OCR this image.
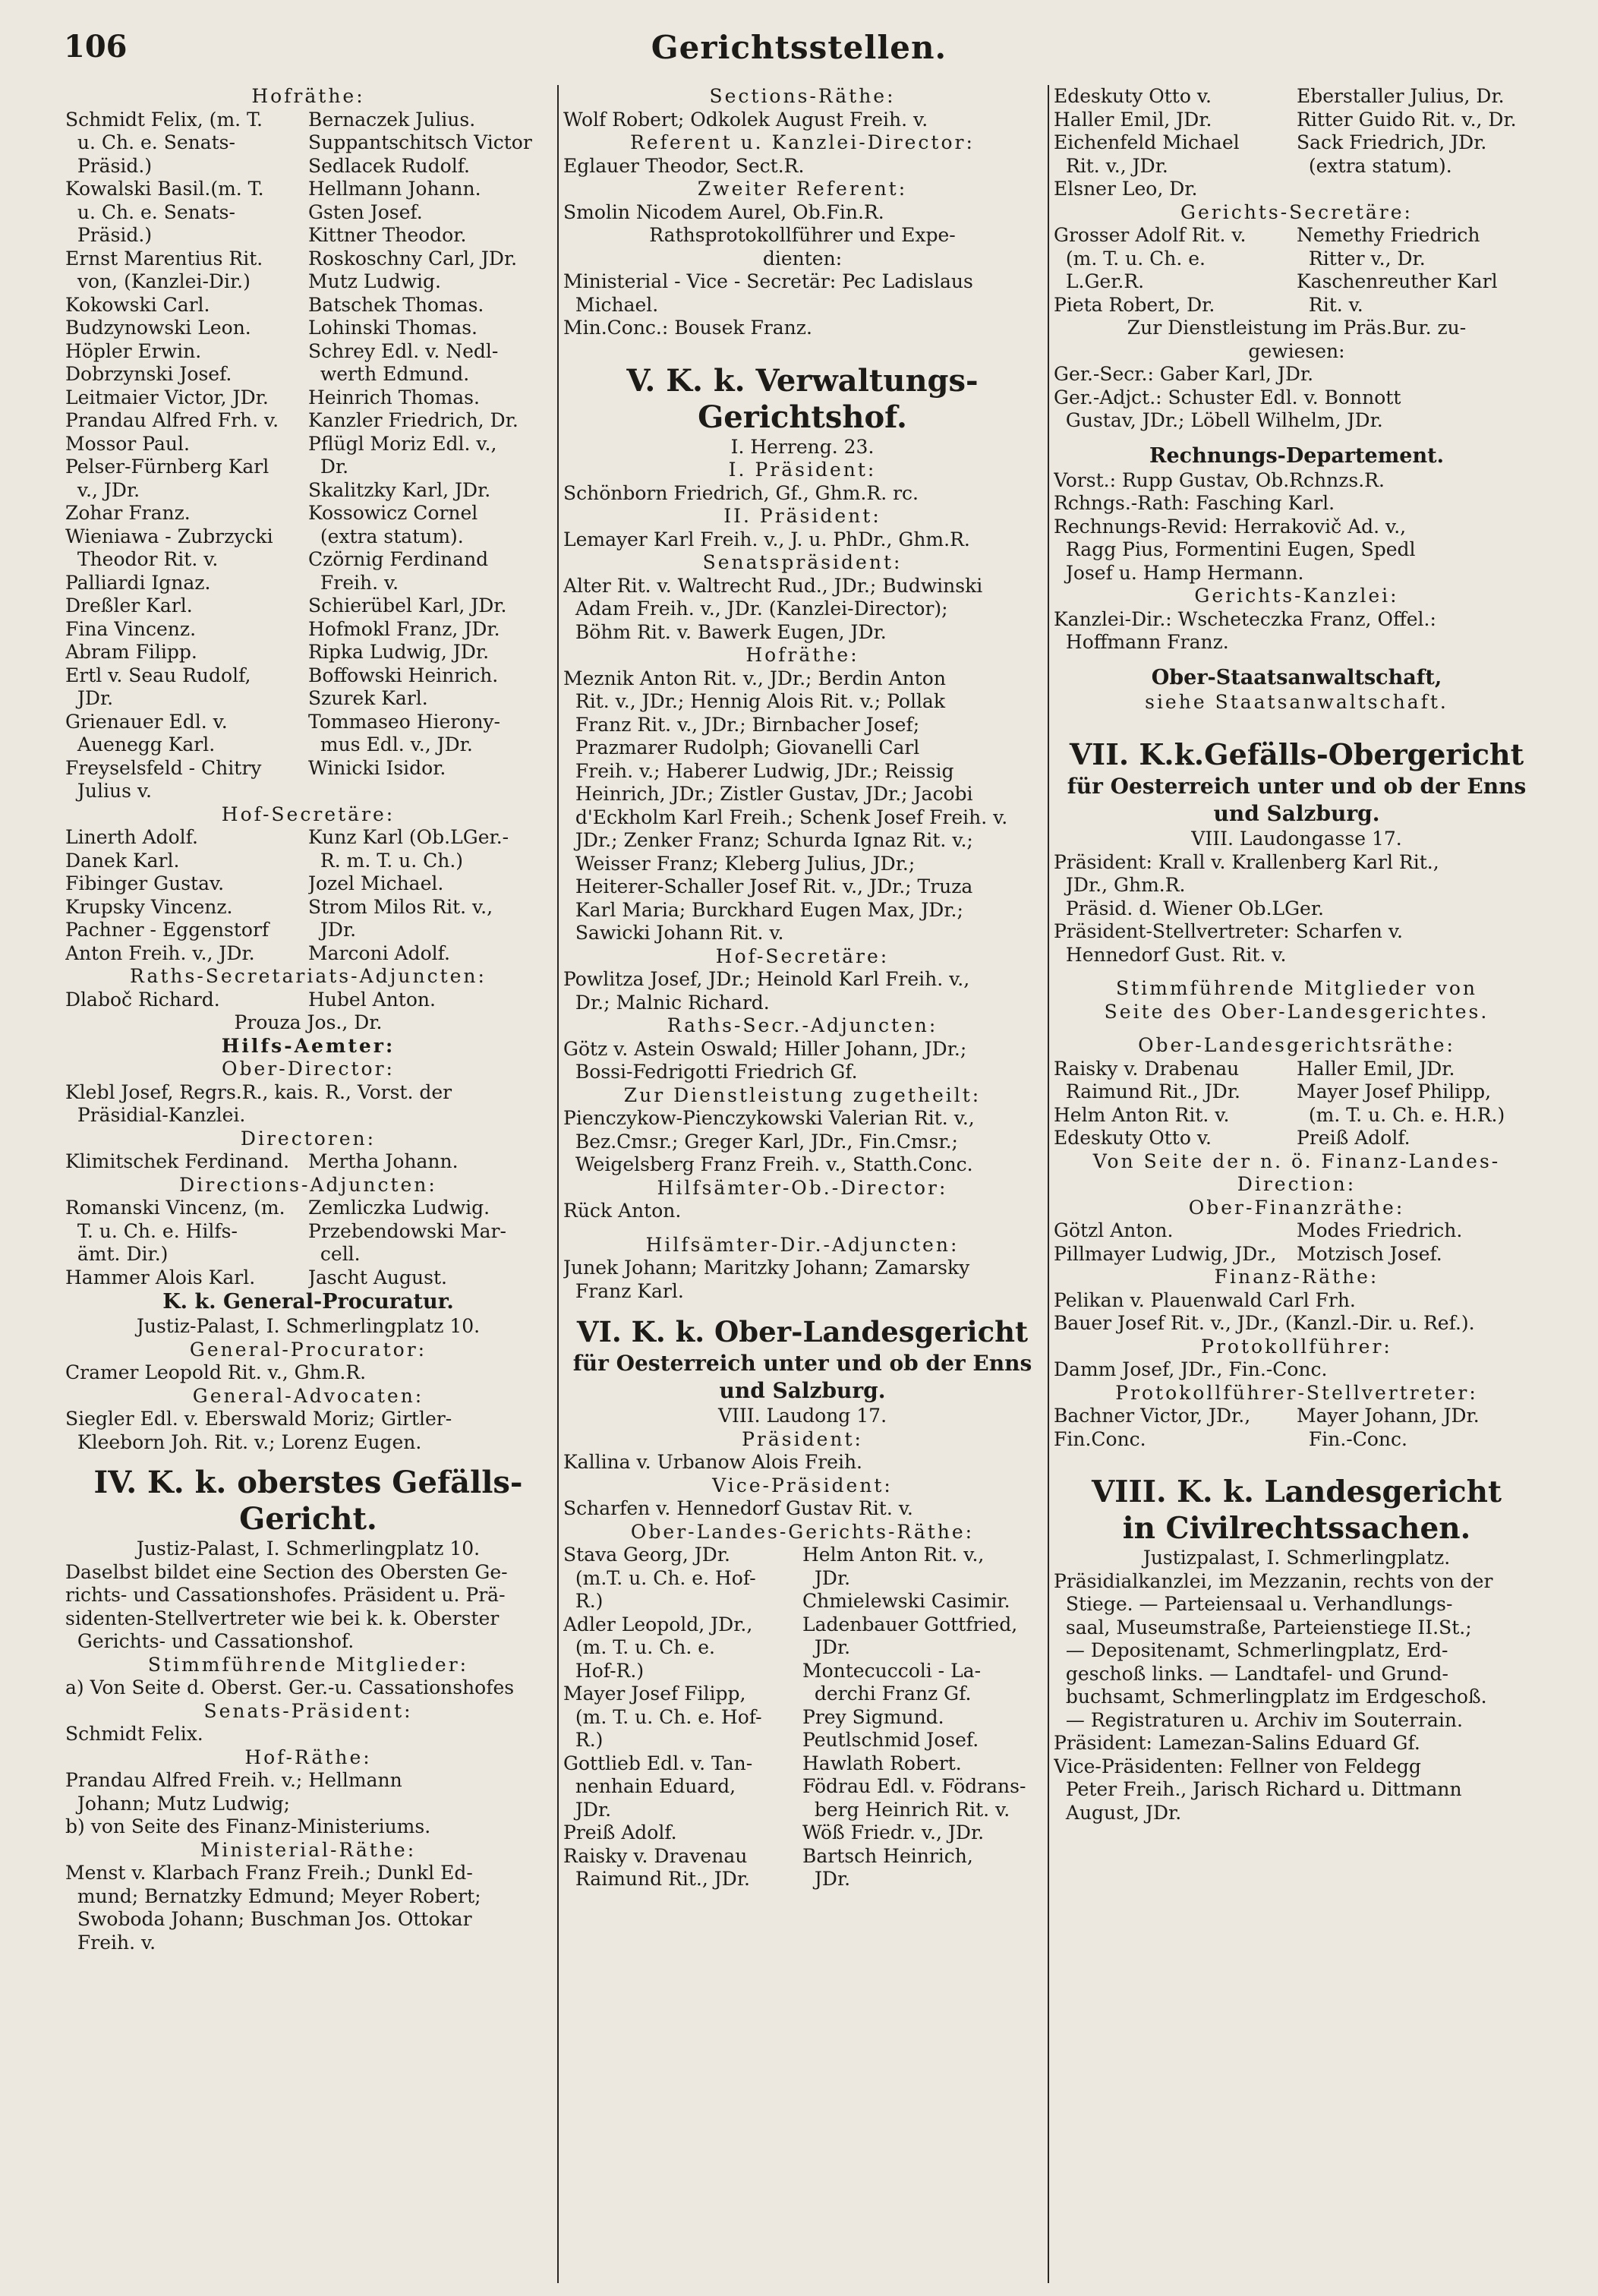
Gerichtsstellen.
106
Hofräthe:
Schmidt Felix, (m. T.	Bernaczek Julius.
u. Ch. e. Senats-	Suppantschitsch Victor
Präsid.)	Sedlacek Rudolf.
Kowalski Basil.(m. T.	Hellmann Johann.
u. Ch. e. Senats-	Gsten Josef.
Präsid.)	Kittner Theodor.
Ernst Marentius Rit.	Roskoschny Carl, JDr.
von, (Kanzlei-Dir.)	Mutz Ludwig.
Kokowski Carl.	Batschek Thomas.
Budzynowski Leon.	Lohinski Thomas.
Höpler Erwin.	Schrey Edl. v. Nedl-
Dobrzynski Josef.	werth Edmund.
Leitmaier Victor, JDr.	Heinrich Thomas.
Prandau Alfred Frh. v.	Kanzler Friedrich, Dr.
Mossor Paul.	Pflügl Moriz Edl. v.,
Pelser-Fürnberg Karl	Dr.
v., JDr.	Skalitzky Karl, JDr.
Zohar Franz.	Kossowicz Cornel
Wieniawa - Zubrzycki	(extra statum).
Theodor Rit. v.	Czörnig Ferdinand
Palliardi Ignaz.	Freih. v.
Dreßler Karl.	Schierübel Karl, JDr.
Fina Vincenz.	Hofmokl Franz, JDr.
Abram Filipp.	Ripka Ludwig, JDr.
Ertl v. Seau Rudolf,	Boffowski Heinrich.
JDr.	Szurek Karl.
Grienauer Edl. v.	Tommaseo Hierony-
Auenegg Karl.	mus Edl. v., JDr.
Freyselsfeld - Chitry	Winicki Isidor.
Julius v.
Hof-Secretäre:
Linerth Adolf.	Kunz Karl (Ob.LGer.-
Danek Karl.	R. m. T. u. Ch.)
Fibinger Gustav.	Jozel Michael.
Krupsky Vincenz.	Strom Milos Rit. v.,
Pachner - Eggenstorf	JDr.
Anton Freih. v., JDr.	Marconi Adolf.
Raths-Secretariats-Adjuncten:
Dlaboč Richard.	Hubel Anton.
Prouza Jos., Dr.
Hilfs-Aemter:
Ober-Director:
Klebl Josef, Regrs.R., kais. R., Vorst. der
Präsidial-Kanzlei.
Directoren:
Klimitschek Ferdinand. Mertha Johann.
Directions-Adjuncten:
Romanski Vincenz, (m.	Zemliczka Ludwig.
T. u. Ch. e. Hilfs-	Przebendowski Mar-
ämt. Dir.)	cell.
Hammer Alois Karl.	Jascht August.
K. k. General-Procuratur.
Justiz-Palast, I. Schmerlingplatz 10.
General-Procurator:
Cramer Leopold Rit. v., Ghm.R.
General-Advocaten:
Siegler Edl. v. Eberswald Moriz; Girtler-
Kleeborn Joh. Rit. v.; Lorenz Eugen.
IV. K. k. oberstes Gefälls-
Gericht.
Justiz-Palast, I. Schmerlingplatz 10.
Daselbst bildet eine Section des Obersten Ge-
richts- und Cassationshofes. Präsident u. Prä-
sidenten-Stellvertreter wie bei k. k. Oberster
Gerichts- und Cassationshof.
Stimmführende Mitglieder:
a) Von Seite d. Oberst. Ger.-u. Cassationshofes
Senats-Präsident:
Schmidt Felix.
Hof-Räthe:
Prandau Alfred Freih. v.; Hellmann
Johann; Mutz Ludwig;
b) von Seite des Finanz-Ministeriums.
Ministerial-Räthe:
Menst v. Klarbach Franz Freih.; Dunkl Ed-
mund; Bernatzky Edmund; Meyer Robert;
Swoboda Johann; Buschman Jos. Ottokar
Freih. v.
Sections-Räthe:
Wolf Robert; Odkolek August Freih. v.
Referent u. Kanzlei-Director:
Eglauer Theodor, Sect.R.
Zweiter Referent:
Smolin Nicodem Aurel, Ob.Fin.R.
Rathsprotokollführer und Expe-
dienten:
Ministerial - Vice - Secretär: Pec Ladislaus
Michael.
Min.Conc.: Bousek Franz.
V. K. k. Verwaltungs-
Gerichtshof.
I. Herreng. 23.
I. Präsident:
Schönborn Friedrich, Gf., Ghm.R. rc.
II. Präsident:
Lemayer Karl Freih. v., J. u. PhDr., Ghm.R.
Senatspräsident:
Alter Rit. v. Waltrecht Rud., JDr.; Budwinski
Adam Freih. v., JDr. (Kanzlei-Director);
Böhm Rit. v. Bawerk Eugen, JDr.
Hofräthe:
Meznik Anton Rit. v., JDr.; Berdin Anton
Rit. v., JDr.; Hennig Alois Rit. v.; Pollak
Franz Rit. v., JDr.; Birnbacher Josef;
Prazmarer Rudolph; Giovanelli Carl
Freih. v.; Haberer Ludwig, JDr.; Reissig
Heinrich, JDr.; Zistler Gustav, JDr.; Jacobi
d'Eckholm Karl Freih.; Schenk Josef Freih. v.
JDr.; Zenker Franz; Schurda Ignaz Rit. v.;
Weisser Franz; Kleberg Julius, JDr.;
Heiterer-Schaller Josef Rit. v., JDr.; Truza
Karl Maria; Burckhard Eugen Max, JDr.;
Sawicki Johann Rit. v.
Hof-Secretäre:
Powlitza Josef, JDr.; Heinold Karl Freih. v.,
Dr.; Malnic Richard.
Raths-Secr.-Adjuncten:
Götz v. Astein Oswald; Hiller Johann, JDr.;
Bossi-Fedrigotti Friedrich Gf.
Zur Dienstleistung zugetheilt:
Pienczykow-Pienczykowski Valerian Rit. v.,
Bez.Cmsr.; Greger Karl, JDr., Fin.Cmsr.;
Weigelsberg Franz Freih. v., Statth.Conc.
Hilfsämter-Ob.-Director:
Rück Anton.
Hilfsämter-Dir.-Adjuncten:
Junek Johann; Maritzky Johann; Zamarsky
Franz Karl.
VI. K. k. Ober-Landesgericht
für Oesterreich unter und ob der Enns
und Salzburg.
VIII. Laudong 17.
Präsident:
Kallina v. Urbanow Alois Freih.
Vice-Präsident:
Scharfen v. Hennedorf Gustav Rit. v.
Ober-Landes-Gerichts-Räthe:
Stava Georg, JDr.	Helm Anton Rit. v.,
(m.T. u. Ch. e. Hof-	JDr.
R.)	Chmielewski Casimir.
Adler Leopold, JDr.,	Ladenbauer Gottfried,
(m. T. u. Ch. e.	JDr.
Hof-R.)	Montecuccoli - La-
Mayer Josef Filipp,	derchi Franz Gf.
(m. T. u. Ch. e. Hof-	Prey Sigmund.
R.)	Peutlschmid Josef.
Gottlieb Edl. v. Tan-	Hawlath Robert.
nenhain Eduard,	Födrau Edl. v. Födrans-
JDr.	berg Heinrich Rit. v.
Preiß Adolf.	Wöß Friedr. v., JDr.
Raisky v. Dravenau	Bartsch Heinrich,
Raimund Rit., JDr.	JDr.
Edeskuty Otto v.	Eberstaller Julius, Dr.
Haller Emil, JDr.	Ritter Guido Rit. v., Dr.
Eichenfeld Michael	Sack Friedrich, JDr.
Rit. v., JDr.	(extra statum).
Elsner Leo, Dr.
Gerichts-Secretäre:
Grosser Adolf Rit. v.	Nemethy Friedrich
(m. T. u. Ch. e.	Ritter v., Dr.
L.Ger.R.	Kaschenreuther Karl
Pieta Robert, Dr.	Rit. v.
Zur Dienstleistung im Präs.Bur. zu-
gewiesen:
Ger.-Secr.: Gaber Karl, JDr.
Ger.-Adjct.: Schuster Edl. v. Bonnott
Gustav, JDr.; Löbell Wilhelm, JDr.
Rechnungs-Departement.
Vorst.: Rupp Gustav, Ob.Rchnzs.R.
Rchngs.-Rath: Fasching Karl.
Rechnungs-Revid: Herrakovič Ad. v.,
Ragg Pius, Formentini Eugen, Spedl
Josef u. Hamp Hermann.
Gerichts-Kanzlei:
Kanzlei-Dir.: Wscheteczka Franz, Offel.:
Hoffmann Franz.
Ober-Staatsanwaltschaft,
siehe Staatsanwaltschaft.
VII. K.k.Gefälls-Obergericht
für Oesterreich unter und ob der Enns
und Salzburg.
VIII. Laudongasse 17.
Präsident: Krall v. Krallenberg Karl Rit.,
JDr., Ghm.R.
Präsid. d. Wiener Ob.LGer.
Präsident-Stellvertreter: Scharfen v.
Hennedorf Gust. Rit. v.
Stimmführende Mitglieder von
Seite des Ober-Landesgerichtes.
Ober-Landesgerichtsräthe:
Raisky v. Drabenau	Haller Emil, JDr.
Raimund Rit., JDr.	Mayer Josef Philipp,
Helm Anton Rit. v.	(m. T. u. Ch. e. H.R.)
Edeskuty Otto v.	Preiß Adolf.
Von Seite der n. ö. Finanz-Landes-
Direction:
Ober-Finanzräthe:
Götzl Anton.	Modes Friedrich.
Pillmayer Ludwig, JDr.,	Motzisch Josef.
Finanz-Räthe:
Pelikan v. Plauenwald Carl Frh.
Bauer Josef Rit. v., JDr., (Kanzl.-Dir. u. Ref.).
Protokollführer:
Damm Josef, JDr., Fin.-Conc.
Protokollführer-Stellvertreter:
Bachner Victor, JDr.,	Mayer Johann, JDr.
Fin.Conc.	Fin.-Conc.
VIII. K. k. Landesgericht
in Civilrechtssachen.
Justizpalast, I. Schmerlingplatz.
Präsidialkanzlei, im Mezzanin, rechts von der
Stiege. — Parteiensaal u. Verhandlungs-
saal, Museumstraße, Parteienstiege II.St.;
— Depositenamt, Schmerlingplatz, Erd-
geschoß links. — Landtafel- und Grund-
buchsamt, Schmerlingplatz im Erdgeschoß.
— Registraturen u. Archiv im Souterrain.
Präsident: Lamezan-Salins Eduard Gf.
Vice-Präsidenten: Fellner von Feldegg
Peter Freih., Jarisch Richard u. Dittmann
August, JDr.
